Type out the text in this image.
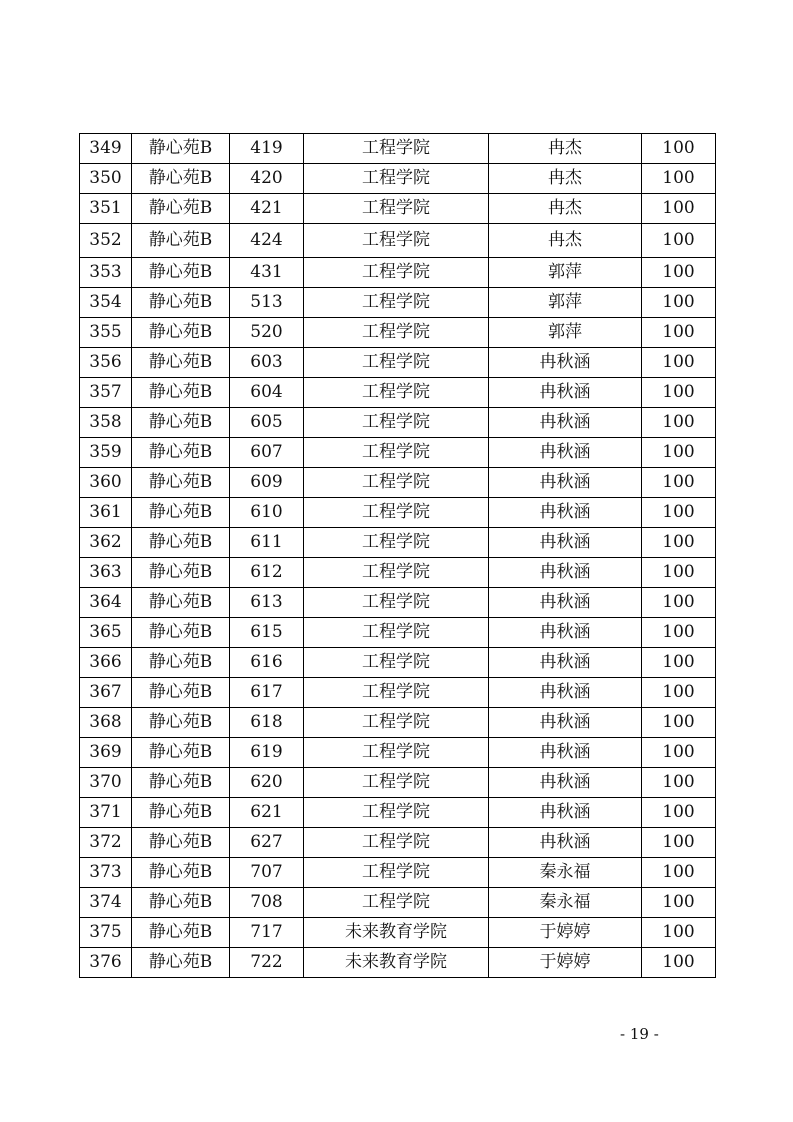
349	静心苑B	419	工程学院	冉杰	100
350	静心苑B	420	工程学院	冉杰	100
351	静心苑B	421	工程学院	冉杰	100
352	静心苑B	424	工程学院	冉杰	100
353	静心苑B	431	工程学院	郭萍	100
354	静心苑B	513	工程学院	郭萍	100
355	静心苑B	520	工程学院	郭萍	100
356	静心苑B	603	工程学院	冉秋涵	100
357	静心苑B	604	工程学院	冉秋涵	100
358	静心苑B	605	工程学院	冉秋涵	100
359	静心苑B	607	工程学院	冉秋涵	100
360	静心苑B	609	工程学院	冉秋涵	100
361	静心苑B	610	工程学院	冉秋涵	100
362	静心苑B	611	工程学院	冉秋涵	100
363	静心苑B	612	工程学院	冉秋涵	100
364	静心苑B	613	工程学院	冉秋涵	100
365	静心苑B	615	工程学院	冉秋涵	100
366	静心苑B	616	工程学院	冉秋涵	100
367	静心苑B	617	工程学院	冉秋涵	100
368	静心苑B	618	工程学院	冉秋涵	100
369	静心苑B	619	工程学院	冉秋涵	100
370	静心苑B	620	工程学院	冉秋涵	100
371	静心苑B	621	工程学院	冉秋涵	100
372	静心苑B	627	工程学院	冉秋涵	100
373	静心苑B	707	工程学院	秦永福	100
374	静心苑B	708	工程学院	秦永福	100
375	静心苑B	717	未来教育学院	于婷婷	100
376	静心苑B	722	未来教育学院	于婷婷	100
- 19 -
